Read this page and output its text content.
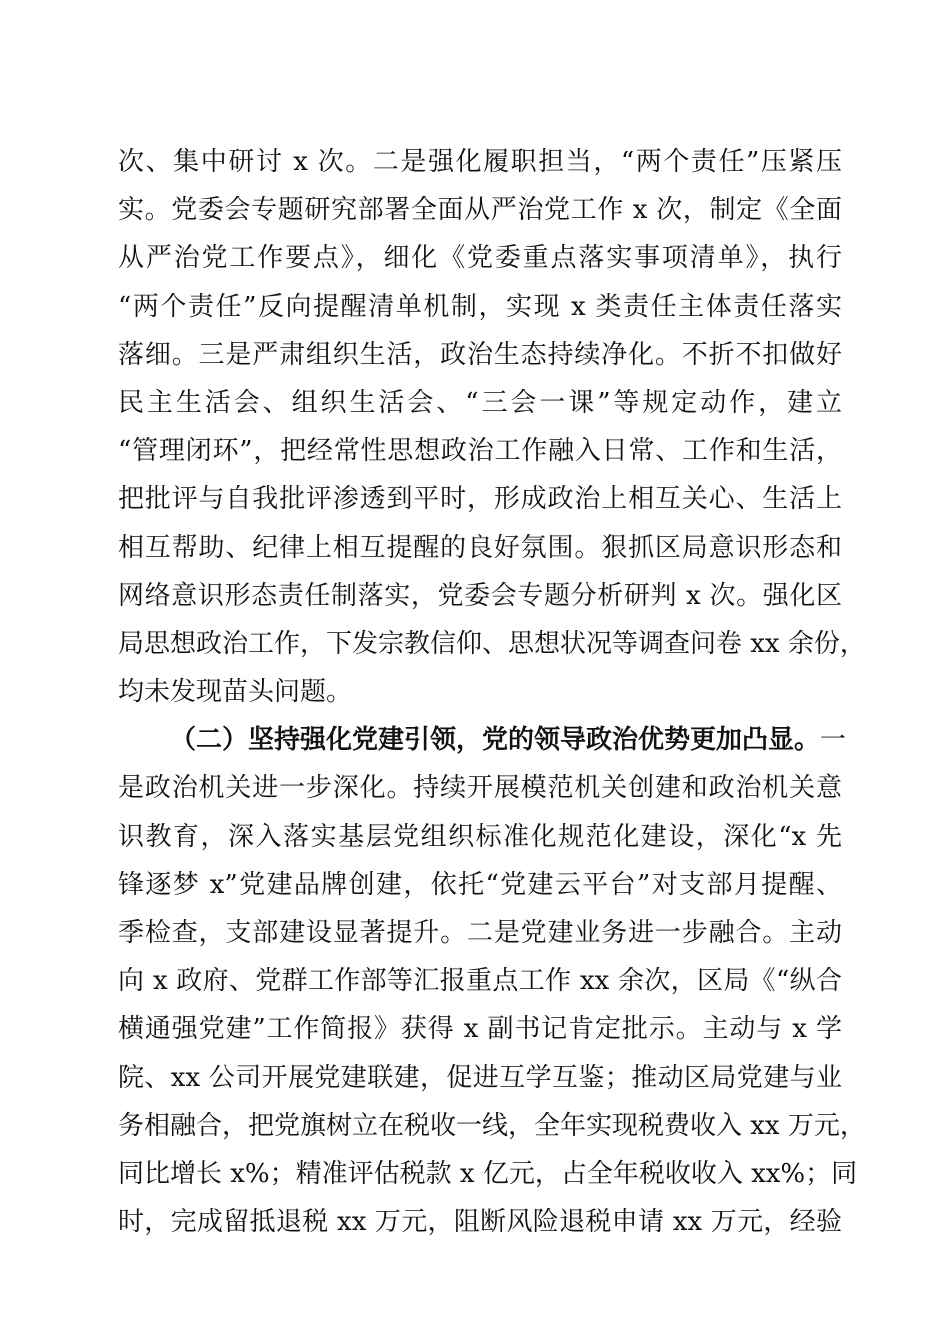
次、集中研讨 x 次。二是强化履职担当，“两个责任”压紧压
实。党委会专题研究部署全面从严治党工作 x 次，制定《全面
从严治党工作要点》，细化《党委重点落实事项清单》，执行
“两个责任”反向提醒清单机制，实现 x 类责任主体责任落实
落细。三是严肃组织生活，政治生态持续净化。不折不扣做好
民主生活会、组织生活会、“三会一课”等规定动作，建立
“管理闭环”，把经常性思想政治工作融入日常、工作和生活，
把批评与自我批评渗透到平时，形成政治上相互关心、生活上
相互帮助、纪律上相互提醒的良好氛围。狠抓区局意识形态和
网络意识形态责任制落实，党委会专题分析研判 x 次。强化区
局思想政治工作，下发宗教信仰、思想状况等调查问卷 xx 余份，
均未发现苗头问题。
（二）坚持强化党建引领，党的领导政治优势更加凸显。一
是政治机关进一步深化。持续开展模范机关创建和政治机关意
识教育，深入落实基层党组织标准化规范化建设，深化“x 先
锋逐梦 x”党建品牌创建，依托“党建云平台”对支部月提醒、
季检查，支部建设显著提升。二是党建业务进一步融合。主动
向 x 政府、党群工作部等汇报重点工作 xx 余次，区局《“纵合
横通强党建”工作简报》获得 x 副书记肯定批示。主动与 x 学
院、xx 公司开展党建联建，促进互学互鉴；推动区局党建与业
务相融合，把党旗树立在税收一线，全年实现税费收入 xx 万元，
同比增长 x%；精准评估税款 x 亿元，占全年税收收入 xx%；同
时，完成留抵退税 xx 万元，阻断风险退税申请 xx 万元，经验
